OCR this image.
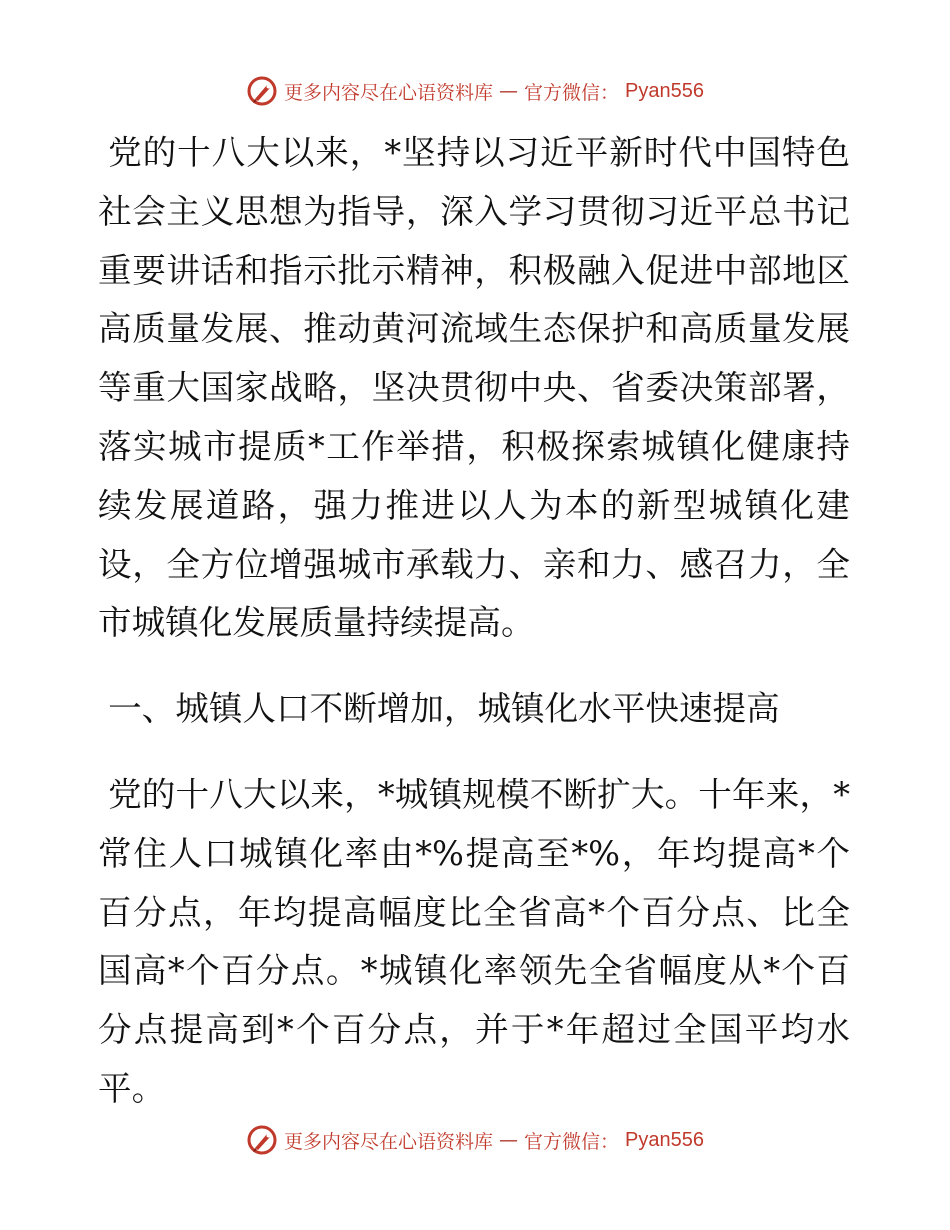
更多内容尽在心语资料库 — 官方微信： Pyan556

党的十八大以来，*坚持以习近平新时代中国特色社会主义思想为指导，深入学习贯彻习近平总书记重要讲话和指示批示精神，积极融入促进中部地区高质量发展、推动黄河流域生态保护和高质量发展等重大国家战略，坚决贯彻中央、省委决策部署，落实城市提质*工作举措，积极探索城镇化健康持续发展道路，强力推进以人为本的新型城镇化建设，全方位增强城市承载力、亲和力、感召力，全市城镇化发展质量持续提高。

一、城镇人口不断增加，城镇化水平快速提高

党的十八大以来，*城镇规模不断扩大。十年来，*常住人口城镇化率由*%提高至*%，年均提高*个百分点，年均提高幅度比全省高*个百分点、比全国高*个百分点。*城镇化率领先全省幅度从*个百分点提高到*个百分点，并于*年超过全国平均水平。

更多内容尽在心语资料库 — 官方微信： Pyan556
